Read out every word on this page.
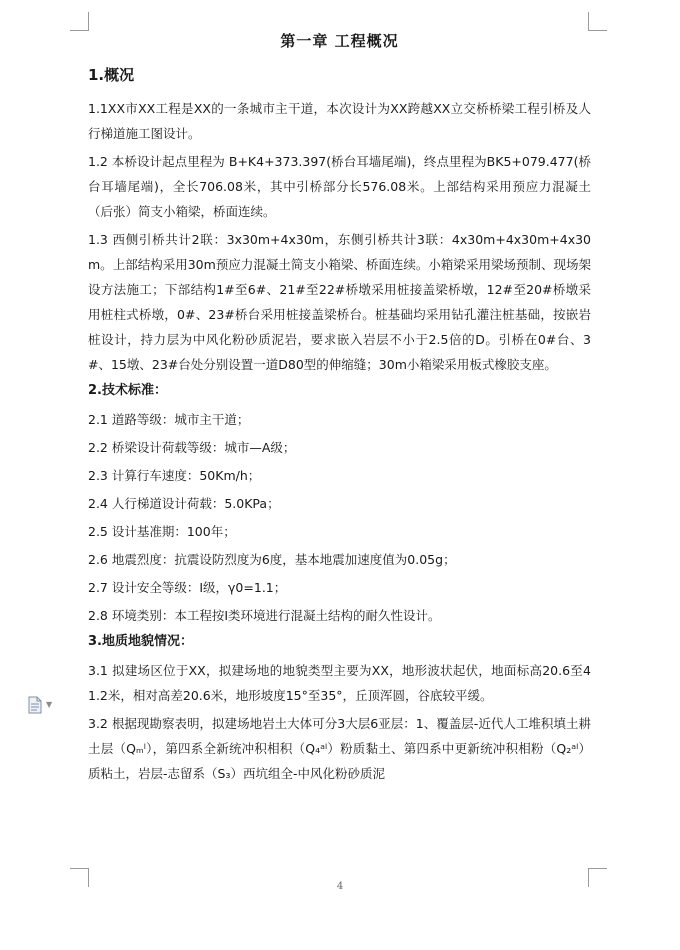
第一章 工程概况
1.概况

1.1XX市XX工程是XX的一条城市主干道，本次设计为XX跨越XX立交桥桥梁工程引桥及人行梯道施工图设计。

1.2 本桥设计起点里程为 B+K4+373.397(桥台耳墙尾端)，终点里程为BK5+079.477(桥台耳墙尾端)，全长706.08米，其中引桥部分长576.08米。上部结构采用预应力混凝土（后张）简支小箱梁，桥面连续。

1.3 西侧引桥共计2联：3x30m+4x30m，东侧引桥共计3联：4x30m+4x30m+4x30m。上部结构采用30m预应力混凝土简支小箱梁、桥面连续。小箱梁采用梁场预制、现场架设方法施工；下部结构1#至6#、21#至22#桥墩采用桩接盖梁桥墩，12#至20#桥墩采用桩柱式桥墩，0#、23#桥台采用桩接盖梁桥台。桩基础均采用钻孔灌注桩基础，按嵌岩桩设计，持力层为中风化粉砂质泥岩，要求嵌入岩层不小于2.5倍的D。引桥在0#台、3#、15墩、23#台处分别设置一道D80型的伸缩缝；30m小箱梁采用板式橡胶支座。

2.技术标准：
2.1 道路等级：城市主干道；
2.2 桥梁设计荷载等级：城市—A级；
2.3 计算行车速度：50Km/h；
2.4 人行梯道设计荷载：5.0KPa；
2.5 设计基准期：100年；
2.6 地震烈度：抗震设防烈度为6度，基本地震加速度值为0.05g；
2.7 设计安全等级：Ⅰ级，γ0=1.1；
2.8 环境类别：本工程按Ⅰ类环境进行混凝土结构的耐久性设计。
3.地质地貌情况：

3.1 拟建场区位于XX，拟建场地的地貌类型主要为XX，地形波状起伏，地面标高20.6至41.2米，相对高差20.6米，地形坡度15°至35°，丘顶浑圆，谷底较平缓。

3.2 根据现勘察表明，拟建场地岩土大体可分3大层6亚层：1、覆盖层-近代人工堆积填土耕土层（Qₘˡ），第四系全新统冲积相积（Q₄ᵃˡ）粉质黏土、第四系中更新统冲积相粉（Q₂ᵃˡ）质粘土，岩层-志留系（S₃）西坑组全-中风化粉砂质泥

▼
4
